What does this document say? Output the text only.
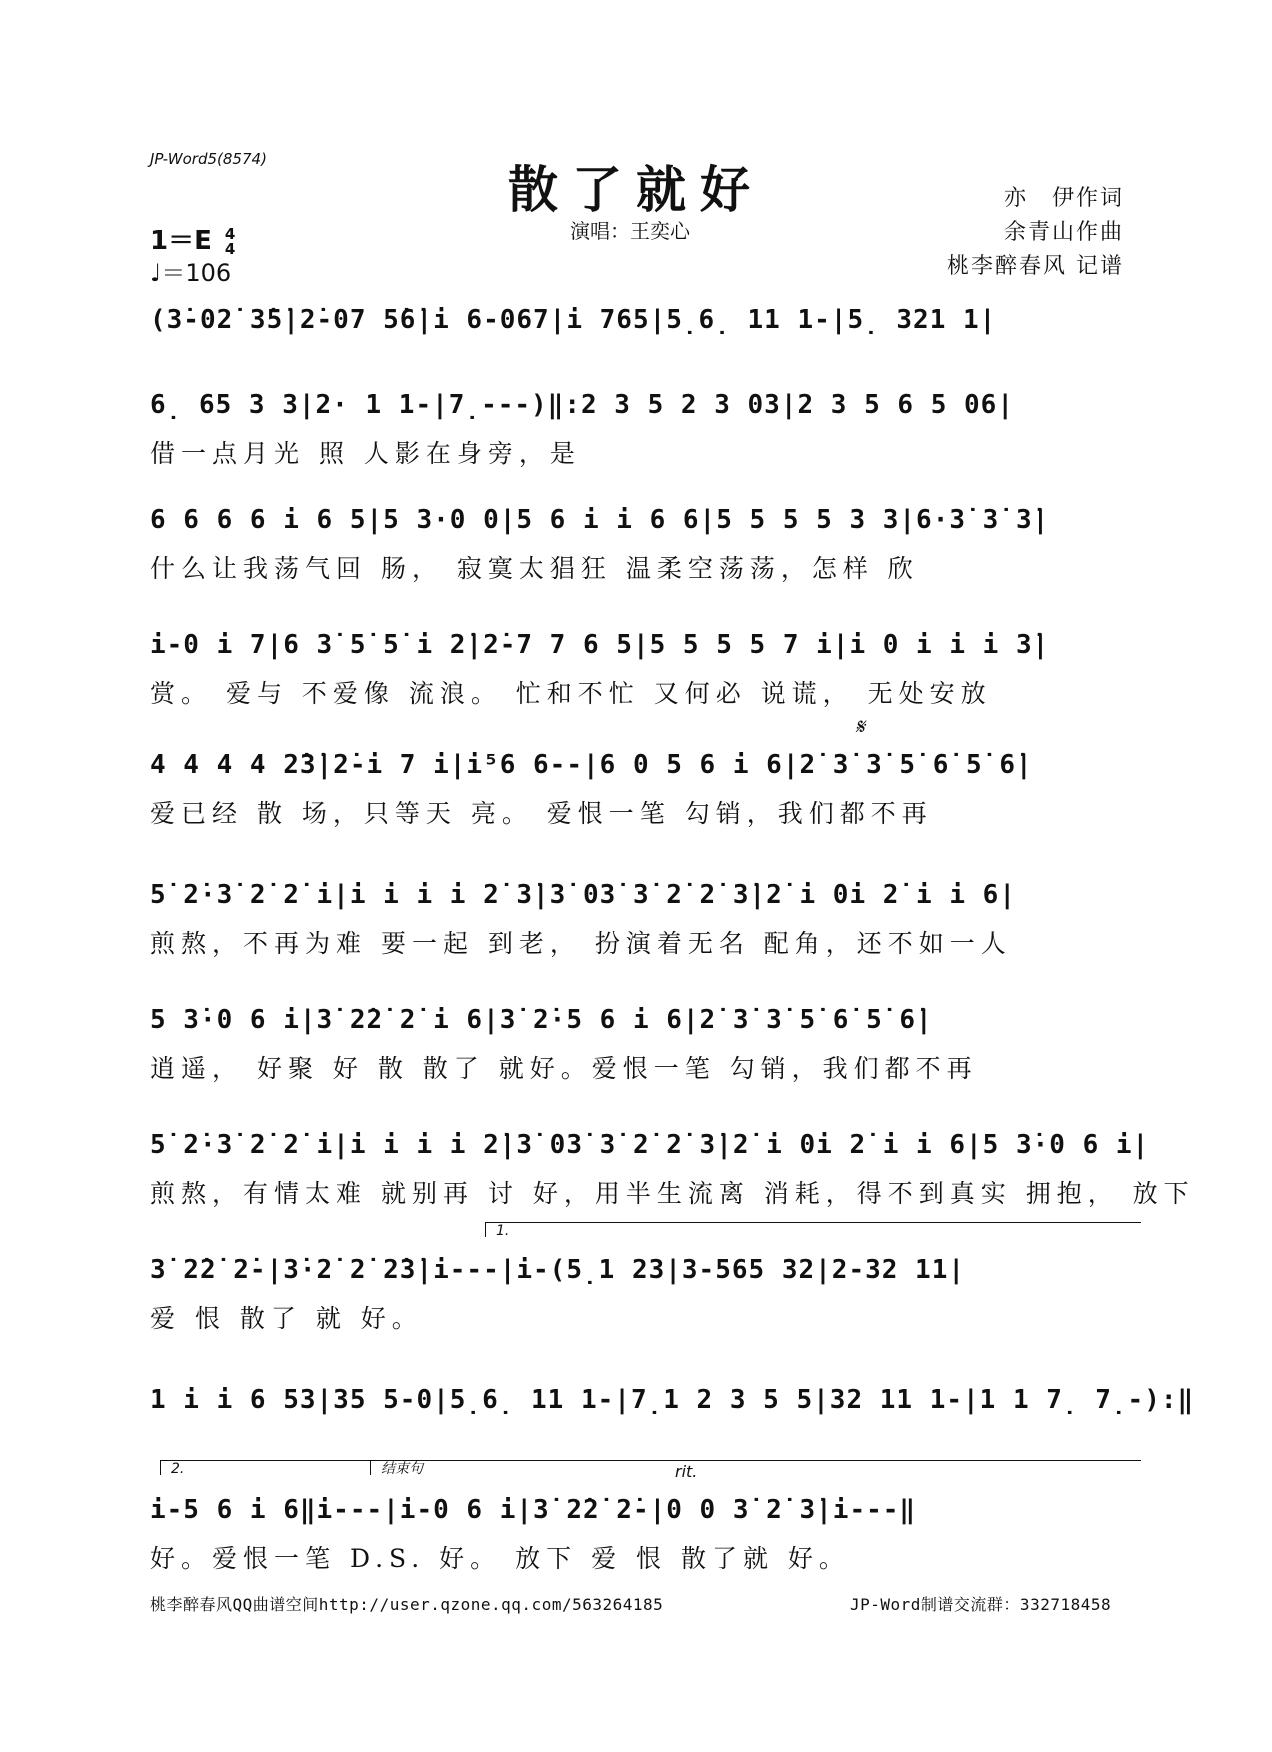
JP-Word5(8574)
散了就好
演唱：王奕心
亦　伊作词
余青山作曲
桃李醉春风 记谱
1＝E 4
4
♩＝106
(3̇-02̇ 3̇5̇|2̇-07 5̇6̇|i 6-067|i 765|5̣6̣ 11 1-|5̣ 321 1|
6̣ 65 3 3|2· 1 1-|7̣---)‖:2 3 5 2 3 03|2 3 5 6 5 06|
借一点月光 照 人影在身旁，是
6 6 6 6 i 6 5|5 3·0 0|5 6 i i 6 6|5 5 5 5 3 3|6·3̇ 3̇ 3̇|
什么让我荡气回 肠， 寂寞太猖狂 温柔空荡荡，怎样 欣
i-0 i 7|6 3̇ 5̇ 5̇ i 2̇|2̇-7 7 6 5|5 5 5 5 7 i|i 0 i i i 3̇|
赏。 爱与 不爱像 流浪。 忙和不忙 又何必 说谎， 无处安放
4 4 4 4 2̇3̇|2̇-i 7 i|i⁵6 6--|6 0 5 6 i 6|2̇ 3̇ 3̇ 5̇ 6̇ 5̇ 6̇|
爱已经 散 场，只等天 亮。 爱恨一笔 勾销，我们都不再
5̇ 2̇·3̇ 2̇ 2̇ i|i i i i 2̇ 3̇|3̇ 03̇ 3̇ 2̇ 2̇ 3̇|2̇ i 0i 2̇ i i 6|
煎熬，不再为难 要一起 到老， 扮演着无名 配角，还不如一人
5 3̇·0 6 i|3̇ 2̇2̇ 2̇ i 6|3̇ 2̇·5 6 i 6|2̇ 3̇ 3̇ 5̇ 6̇ 5̇ 6̇|
逍遥， 好聚 好 散 散了 就好。爱恨一笔 勾销，我们都不再
5̇ 2̇·3̇ 2̇ 2̇ i|i i i i 2̇|3̇ 03̇ 3̇ 2̇ 2̇ 3̇|2̇ i 0i 2̇ i i 6|5 3̇·0 6 i|
煎熬，有情太难 就别再 讨 好，用半生流离 消耗，得不到真实 拥抱， 放下
3̇ 2̇2̇ 2̇-|3̇·2̇ 2̇ 2̇3̇|i---|i-(5̣1 23|3-565 32|2-32 11|
爱 恨 散了 就 好。
1 i i 6 53|35 5-0|5̣6̣ 11 1-|7̣1 2 3 5 5|32 11 1-|1 1 7̣ 7̣-):‖
i-5 6 i 6‖i---|i-0 6 i|3̇ 2̇2̇ 2̇-|0 0 3̇ 2̇ 3̇|i---‖
好。爱恨一笔 D.S. 好。 放下 爱 恨 散了就 好。
𝄋
1.
2.	结束句	rit.
桃李醉春风QQ曲谱空间http://user.qzone.qq.com/563264185	JP-Word制谱交流群：332718458
